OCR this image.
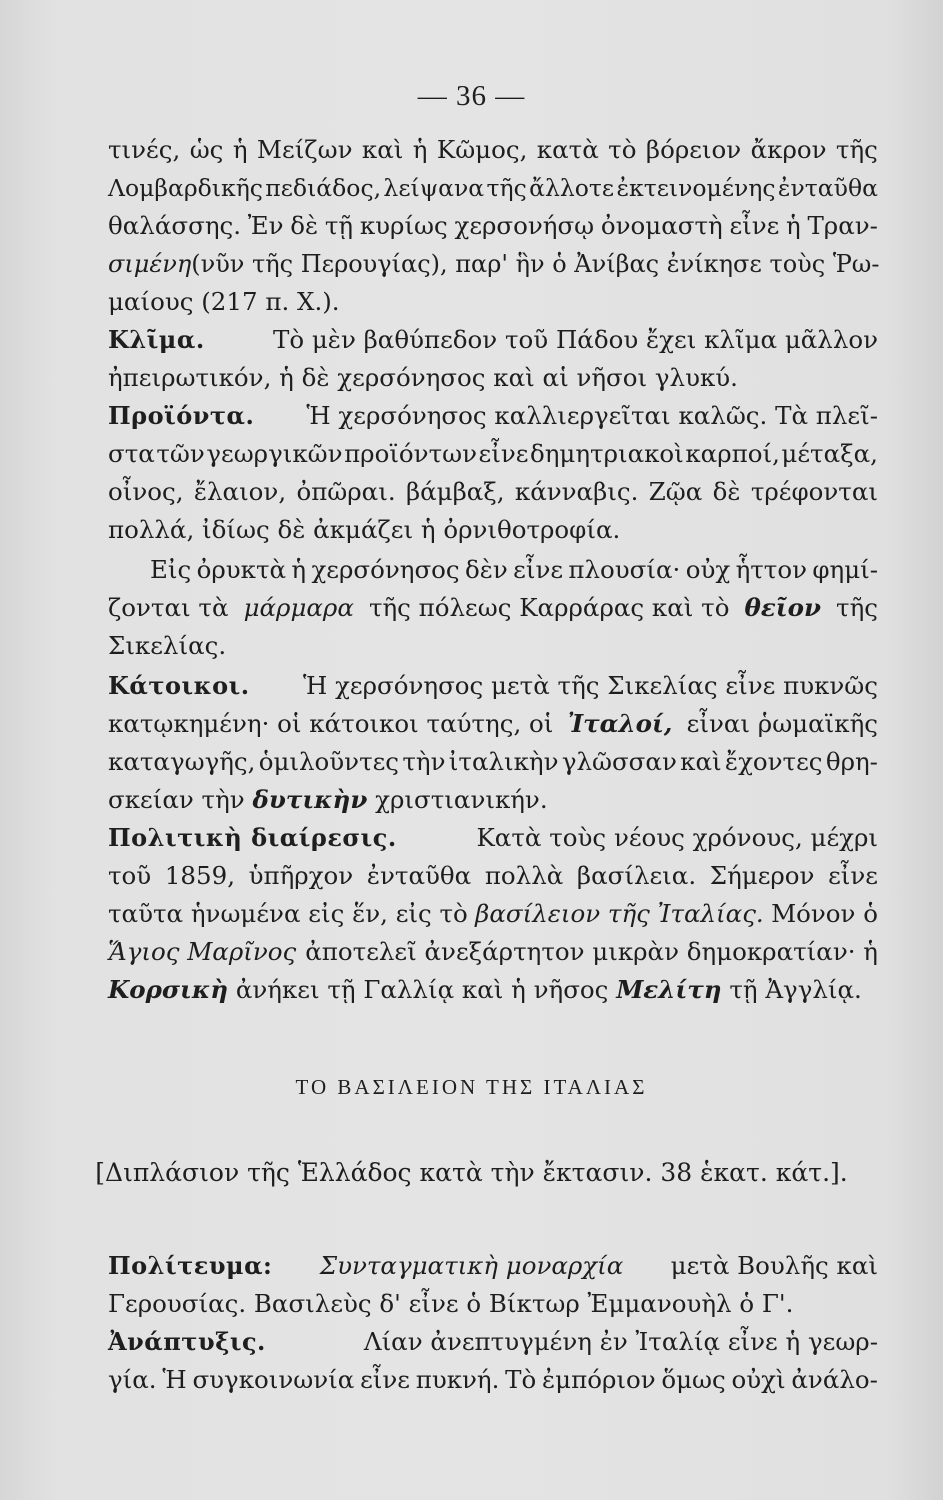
— 36 —
τινές, ὡς ἡ Μείζων καὶ ἡ Κῶμος, κατὰ τὸ βόρειον ἄκρον τῆς
Λομβαρδικῆς πεδιάδος, λείψανα τῆς ἄλλοτε ἐκτεινομένης ἐνταῦθα
θαλάσσης. Ἐν δὲ τῇ κυρίως χερσονήσῳ ὀνομαστὴ εἶνε ἡ Τραν-
σιμένη (νῦν τῆς Περουγίας), παρ' ἣν ὁ Ἀνίβας ἐνίκησε τοὺς Ῥω-
μαίους (217 π. Χ.).
Κλῖμα.	Τὸ μὲν βαθύπεδον τοῦ Πάδου ἔχει κλῖμα μᾶλλον
ἠπειρωτικόν, ἡ δὲ χερσόνησος καὶ αἱ νῆσοι γλυκύ.
Προϊόντα. Ἡ χερσόνησος καλλιεργεῖται καλῶς. Τὰ πλεῖ-
στα τῶν γεωργικῶν προϊόντων εἶνε δημητριακοὶ καρποί, μέταξα,
οἶνος, ἔλαιον, ὀπῶραι. βάμβαξ, κάνναβις. Ζῷα δὲ τρέφονται
πολλά, ἰδίως δὲ ἀκμάζει ἡ ὀρνιθοτροφία.
Εἰς ὀρυκτὰ ἡ χερσόνησος δὲν εἶνε πλουσία· οὐχ ἧττον φημί-
ζονται τὰ μάρμαρα τῆς πόλεως Καρράρας καὶ τὸ θεῖον τῆς
Σικελίας.
Κάτοικοι. Ἡ χερσόνησος μετὰ τῆς Σικελίας εἶνε πυκνῶς
κατῳκημένη· οἱ κάτοικοι ταύτης, οἱ Ἰταλοί, εἶναι ῥωμαϊκῆς
καταγωγῆς, ὁμιλοῦντες τὴν ἰταλικὴν γλῶσσαν καὶ ἔχοντες θρη-
σκείαν τὴν
δυτικὴν
χριστιανικήν.
Πολιτικὴ διαίρεσις.	Κατὰ τοὺς νέους χρόνους, μέχρι
τοῦ 1859, ὑπῆρχον ἐνταῦθα πολλὰ βασίλεια. Σήμερον εἶνε
ταῦτα ἡνωμένα εἰς ἕν, εἰς τὸ βασίλειον τῆς Ἰταλίας. Μόνον ὁ
Ἅγιος Μαρῖνος ἀποτελεῖ ἀνεξάρτητον μικρὰν δημοκρατίαν· ἡ
Κορσικὴ
ἀνήκει τῇ Γαλλίᾳ καὶ ἡ νῆσος
Μελίτη
τῇ Ἀγγλίᾳ.
ΤΟ ΒΑΣΙΛΕΙΟΝ ΤΗΣ ΙΤΑΛΙΑΣ
[Διπλάσιον τῆς Ἑλλάδος κατὰ τὴν ἔκτασιν. 38 ἑκατ. κάτ.].
Πολίτευμα: Συνταγματικὴ μοναρχία μετὰ Βουλῆς καὶ
Γερουσίας. Βασιλεὺς δ' εἶνε ὁ Βίκτωρ Ἐμμανουὴλ ὁ Γ'.
Ἀνάπτυξις.	Λίαν ἀνεπτυγμένη ἐν Ἰταλίᾳ εἶνε ἡ γεωρ-
γία. Ἡ συγκοινωνία εἶνε πυκνή. Τὸ ἐμπόριον ὅμως οὐχὶ ἀνάλο-
